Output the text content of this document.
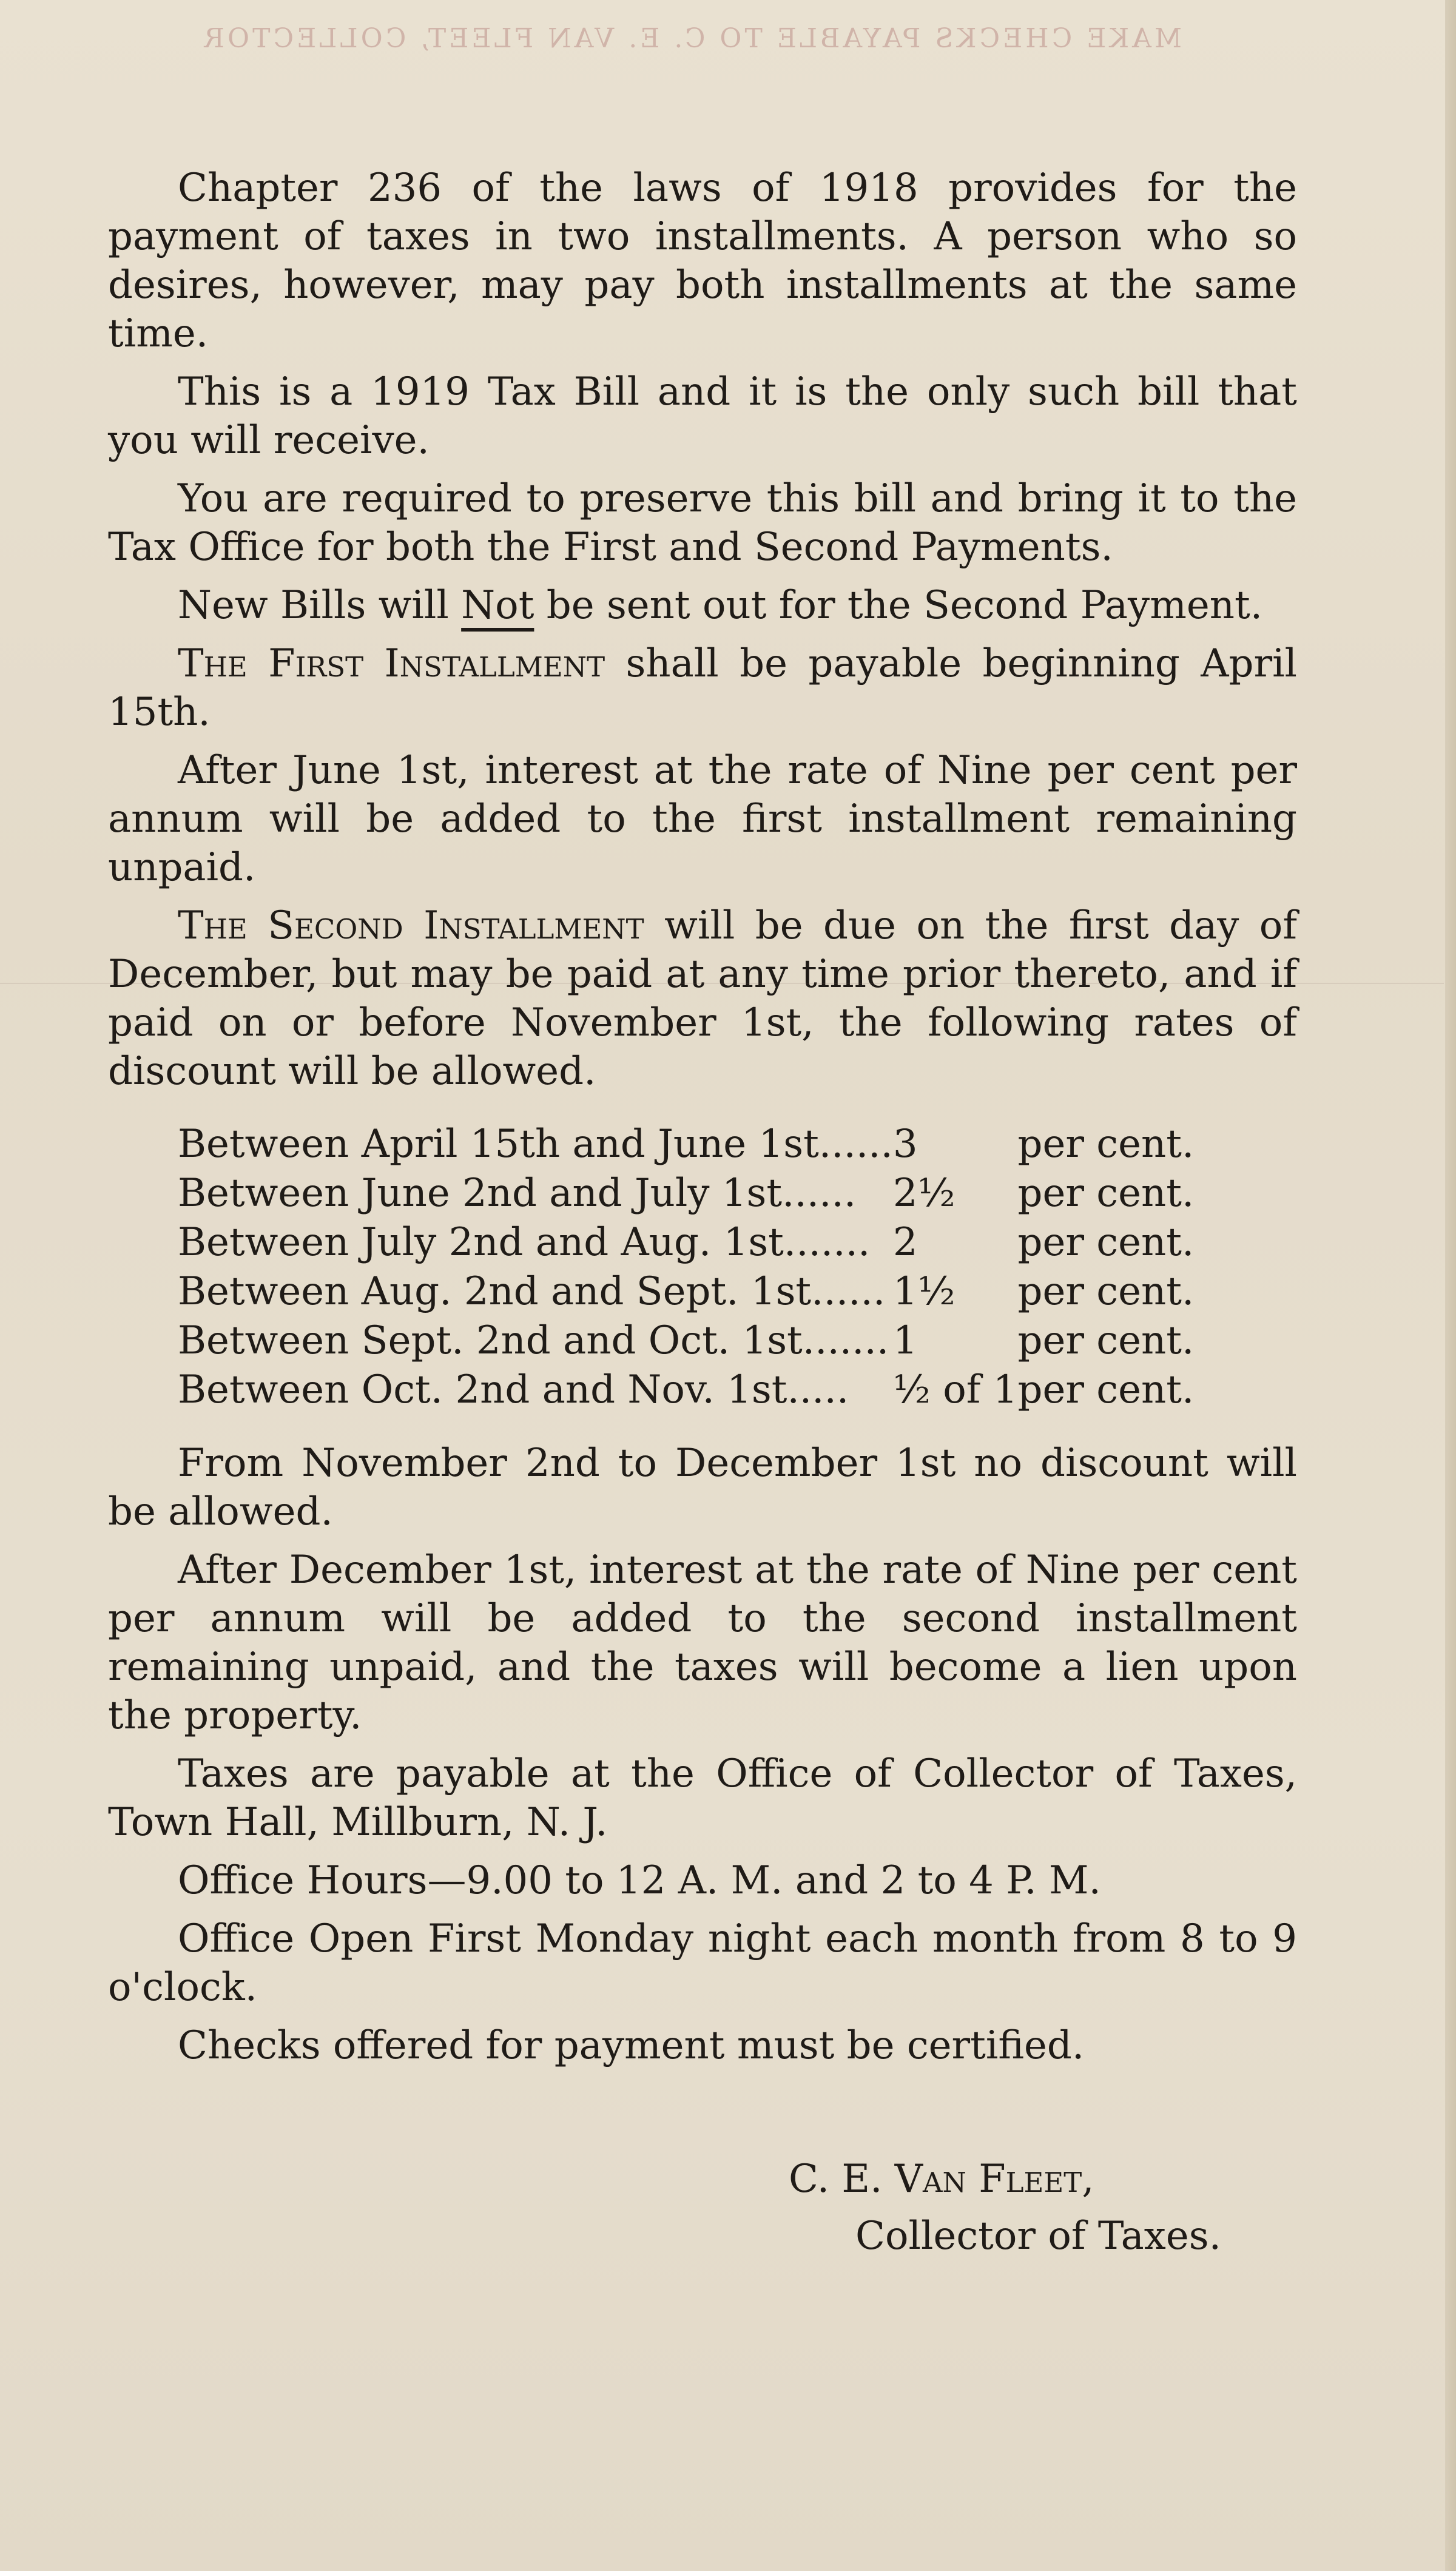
MAKE CHECKS PAYABLE TO C. E. VAN FLEET, COLLECTOR

Chapter 236 of the laws of 1918 provides for the payment of taxes in two installments. A person who so desires, however, may pay both installments at the same time.

This is a 1919 Tax Bill and it is the only such bill that you will receive.

You are required to preserve this bill and bring it to the Tax Office for both the First and Second Payments.

New Bills will Not be sent out for the Second Payment.

The First Installment shall be payable beginning April 15th.

After June 1st, interest at the rate of Nine per cent per annum will be added to the first installment remaining unpaid.

The Second Installment will be due on the first day of December, but may be paid at any time prior thereto, and if paid on or before November 1st, the following rates of discount will be allowed.

Between April 15th and June 1st......	3	per cent.
Between June 2nd and July 1st......	2½	per cent.
Between July 2nd and Aug. 1st.......	2	per cent.
Between Aug. 2nd and Sept. 1st......	1½	per cent.
Between Sept. 2nd and Oct. 1st.......	1	per cent.
Between Oct. 2nd and Nov. 1st.....	½ of 1	per cent.

From November 2nd to December 1st no discount will be allowed.

After December 1st, interest at the rate of Nine per cent per annum will be added to the second installment remaining unpaid, and the taxes will become a lien upon the property.

Taxes are payable at the Office of Collector of Taxes, Town Hall, Millburn, N. J.

Office Hours—9.00 to 12 A. M. and 2 to 4 P. M.

Office Open First Monday night each month from 8 to 9 o'clock.

Checks offered for payment must be certified.

C. E. Van Fleet,

Collector of Taxes.
